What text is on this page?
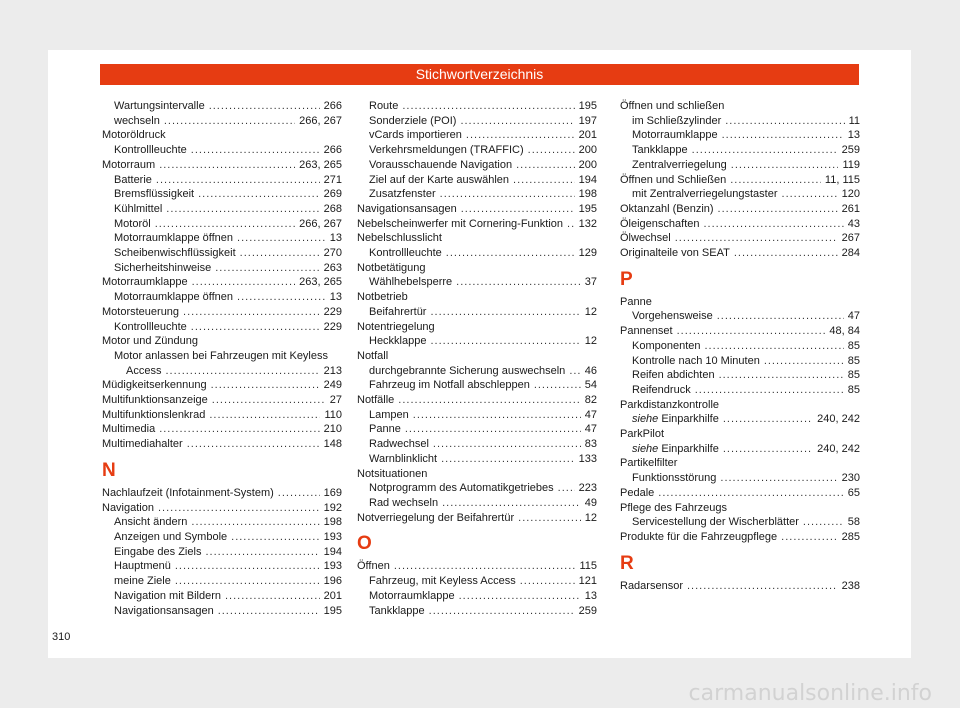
Stichwortverzeichnis
Wartungsintervalle .....	266
wechseln .....	266, 267
Motoröldruck
Kontrollleuchte .....	266
Motorraum .....	263, 265
Batterie .....	271
Bremsflüssigkeit .....	269
Kühlmittel .....	268
Motoröl .....	266, 267
Motorraumklappe öffnen .....	13
Scheibenwischflüssigkeit .....	270
Sicherheitshinweise .....	263
Motorraumklappe .....	263, 265
Motorraumklappe öffnen .....	13
Motorsteuerung .....	229
Kontrollleuchte .....	229
Motor und Zündung
Motor anlassen bei Fahrzeugen mit Keyless
Access .....	213
Müdigkeitserkennung .....	249
Multifunktionsanzeige .....	27
Multifunktionslenkrad .....	110
Multimedia .....	210
Multimediahalter .....	148
N
Nachlaufzeit (Infotainment-System) .....	169
Navigation .....	192
Ansicht ändern .....	198
Anzeigen und Symbole .....	193
Eingabe des Ziels .....	194
Hauptmenü .....	193
meine Ziele .....	196
Navigation mit Bildern .....	201
Navigationsansagen .....	195
Route .....	195
Sonderziele (POI) .....	197
vCards importieren .....	201
Verkehrsmeldungen (TRAFFIC) .....	200
Vorausschauende Navigation .....	200
Ziel auf der Karte auswählen .....	194
Zusatzfenster .....	198
Navigationsansagen .....	195
Nebelscheinwerfer mit Cornering-Funktion ..... 132
Nebelschlusslicht
Kontrollleuchte .....	129
Notbetätigung
Wählhebelsperre .....	37
Notbetrieb
Beifahrertür .....	12
Notentriegelung
Heckklappe .....	12
Notfall
durchgebrannte Sicherung auswechseln ..... 46
Fahrzeug im Notfall abschleppen .....	54
Notfälle .....	82
Lampen .....	47
Panne .....	47
Radwechsel .....	83
Warnblinklicht .....	133
Notsituationen
Notprogramm des Automatikgetriebes ..... 223
Rad wechseln .....	49
Notverriegelung der Beifahrertür .....	12
O
Öffnen .....	115
Fahrzeug, mit Keyless Access .....	121
Motorraumklappe .....	13
Tankklappe .....	259
Öffnen und schließen
im Schließzylinder .....	11
Motorraumklappe .....	13
Tankklappe .....	259
Zentralverriegelung .....	119
Öffnen und Schließen .....	11, 115
mit Zentralverriegelungstaster .....	120
Oktanzahl (Benzin) .....	261
Öleigenschaften .....	43
Ölwechsel .....	267
Originalteile von SEAT .....	284
P
Panne
Vorgehensweise .....	47
Pannenset .....	48, 84
Komponenten .....	85
Kontrolle nach 10 Minuten .....	85
Reifen abdichten .....	85
Reifendruck .....	85
Parkdistanzkontrolle
siehe Einparkhilfe .....	240, 242
ParkPilot
siehe Einparkhilfe .....	240, 242
Partikelfilter
Funktionsstörung .....	230
Pedale .....	65
Pflege des Fahrzeugs
Servicestellung der Wischerblätter .....	58
Produkte für die Fahrzeugpflege .....	285
R
Radarsensor .....	238
310
carmanualsonline.info
